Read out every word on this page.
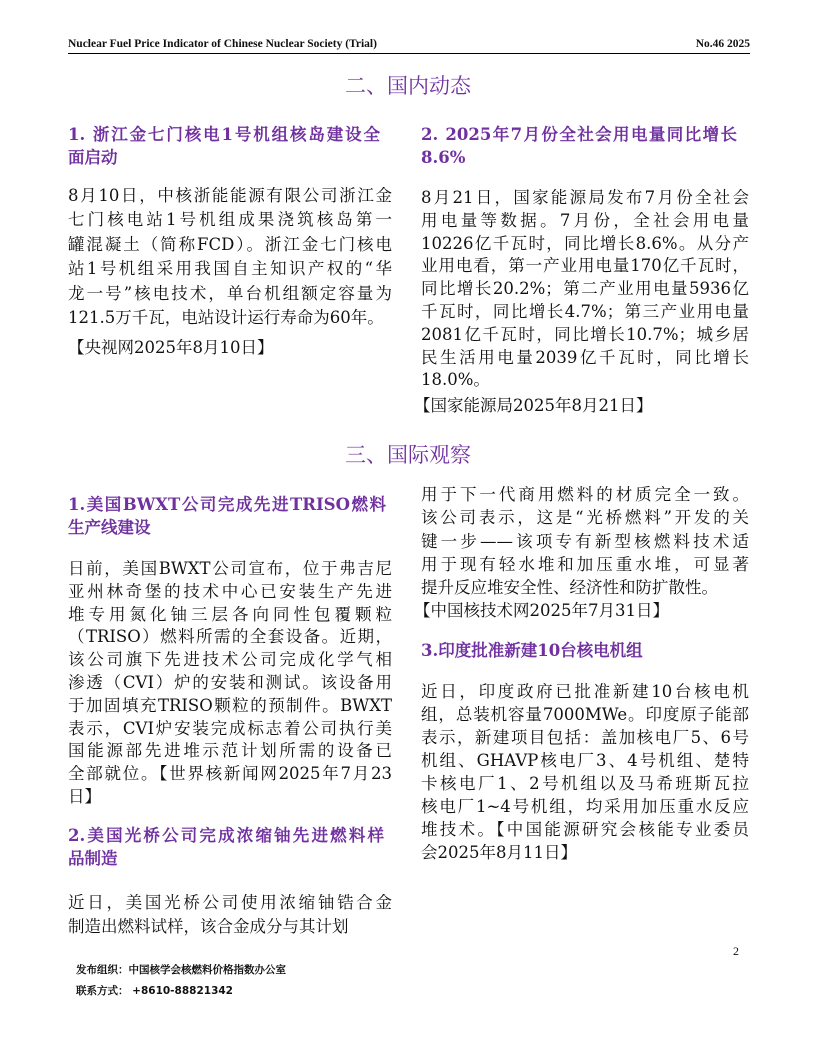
Nuclear Fuel Price Indicator of Chinese Nuclear Society (Trial)	No.46 2025
二、国内动态
三、国际观察
1. 浙江金七门核电1号机组核岛建设全
面启动
8月10日，中核浙能能源有限公司浙江金
七门核电站1号机组成果浇筑核岛第一
罐混凝土（简称FCD）。浙江金七门核电
站1号机组采用我国自主知识产权的“华
龙一号”核电技术，单台机组额定容量为
121.5万千瓦，电站设计运行寿命为60年。
【央视网2025年8月10日】
2. 2025年7月份全社会用电量同比增长
8.6%
8月21日，国家能源局发布7月份全社会
用电量等数据。7月份，全社会用电量
10226亿千瓦时，同比增长8.6%。从分产
业用电看，第一产业用电量170亿千瓦时，
同比增长20.2%；第二产业用电量5936亿
千瓦时，同比增长4.7%；第三产业用电量
2081亿千瓦时，同比增长10.7%；城乡居
民生活用电量2039亿千瓦时，同比增长
18.0%。
【国家能源局2025年8月21日】
1.美国BWXT公司完成先进TRISO燃料
生产线建设
日前，美国BWXT公司宣布，位于弗吉尼
亚州林奇堡的技术中心已安装生产先进
堆专用氮化铀三层各向同性包覆颗粒
（TRISO）燃料所需的全套设备。近期，
该公司旗下先进技术公司完成化学气相
渗透（CVI）炉的安装和测试。该设备用
于加固填充TRISO颗粒的预制件。BWXT
表示，CVI炉安装完成标志着公司执行美
国能源部先进堆示范计划所需的设备已
全部就位。【世界核新闻网2025年7月23
日】
2.美国光桥公司完成浓缩铀先进燃料样
品制造
近日，美国光桥公司使用浓缩铀锆合金
制造出燃料试样，该合金成分与其计划
用于下一代商用燃料的材质完全一致。
该公司表示，这是“光桥燃料”开发的关
键一步——该项专有新型核燃料技术适
用于现有轻水堆和加压重水堆，可显著
提升反应堆安全性、经济性和防扩散性。
【中国核技术网2025年7月31日】
3.印度批准新建10台核电机组
近日，印度政府已批准新建10台核电机
组，总装机容量7000MWe。印度原子能部
表示，新建项目包括：盖加核电厂5、6号
机组、GHAVP核电厂3、4号机组、楚特
卡核电厂1、2号机组以及马希班斯瓦拉
核电厂1~4号机组，均采用加压重水反应
堆技术。【中国能源研究会核能专业委员
会2025年8月11日】
2
发布组织：中国核学会核燃料价格指数办公室
联系方式： +8610-88821342
